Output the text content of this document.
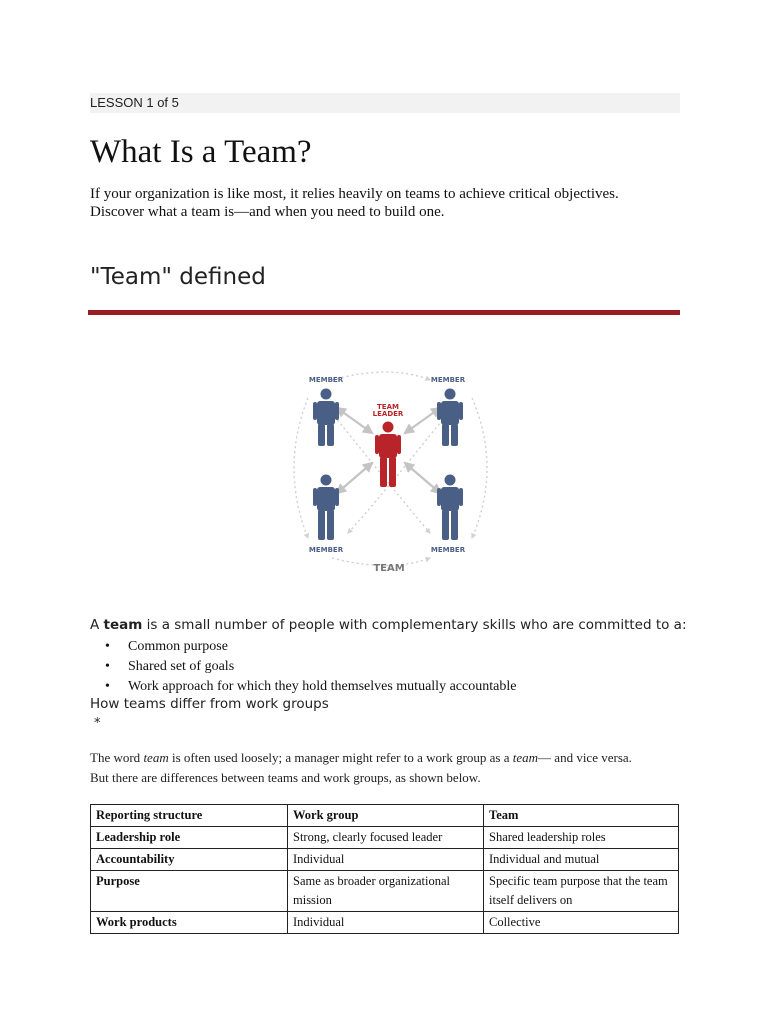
LESSON 1 of 5
What Is a Team?

If your organization is like most, it relies heavily on teams to achieve critical objectives.
Discover what a team is—and when you need to build one.

"Team" defined
MEMBER	MEMBER
TEAM
LEADER
MEMBER	MEMBER
TEAM

A team is a small number of people with complementary skills who are committed to a:

• Common purpose
• Shared set of goals
• Work approach for which they hold themselves mutually accountable

How teams differ from work groups

*

The word team is often used loosely; a manager might refer to a work group as a team— and vice versa.
But there are differences between teams and work groups, as shown below.

Reporting structure	Work group	Team
Leadership role	Strong, clearly focused leader	Shared leadership roles
Accountability	Individual	Individual and mutual
Purpose	Same as broader organizational mission	Specific team purpose that the team itself delivers on
Work products	Individual	Collective
